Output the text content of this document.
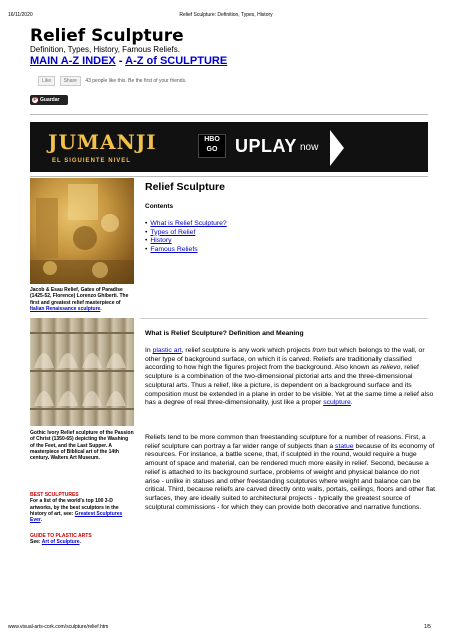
16/11/2020	Relief Sculpture: Definition, Types, History
Relief Sculpture
Definition, Types, History, Famous Reliefs.
MAIN A-Z INDEX - A-Z of SCULPTURE
Like Share 43 people like this. Be the first of your friends.
P Guardar
JUMANJI
EL SIGUIENTE NIVEL
HBO GO UPLAY now
Jacob & Esau Relief, Gates of Paradise (1425-52, Florence) Lorenzo Ghiberti. The first and greatest relief masterpiece of Italian Renaissance sculpture.
Gothic Ivory Relief sculpture of the Passion of Christ (1350-65) depicting the Washing of the Feet, and the Last Supper. A masterpiece of Biblical art of the 14th century. Walters Art Museum.
BEST SCULPTURES
For a list of the world's top 100 3-D artworks, by the best sculptors in the history of art, see: Greatest Sculptures Ever.
GUIDE TO PLASTIC ARTS
See: Art of Sculpture.
Relief Sculpture
Contents
• What is Relief Sculpture?
• Types of Relief
• History
• Famous Reliefs
What is Relief Sculpture? Definition and Meaning
In plastic art, relief sculpture is any work which projects from but which belongs to the wall, or other type of background surface, on which it is carved. Reliefs are traditionally classified according to how high the figures project from the background. Also known as relievo, relief sculpture is a combination of the two-dimensional pictorial arts and the three-dimensional sculptural arts. Thus a relief, like a picture, is dependent on a background surface and its composition must be extended in a plane in order to be visible. Yet at the same time a relief also has a degree of real three-dimensionality, just like a proper sculpture.
Reliefs tend to be more common than freestanding sculpture for a number of reasons. First, a relief sculpture can portray a far wider range of subjects than a statue because of its economy of resources. For instance, a battle scene, that, if sculpted in the round, would require a huge amount of space and material, can be rendered much more easily in relief. Second, because a relief is attached to its background surface, problems of weight and physical balance do not arise - unlike in statues and other freestanding sculptures where weight and balance can be critical. Third, because reliefs are carved directly onto walls, portals, ceilings, floors and other flat surfaces, they are ideally suited to architectural projects - typically the greatest source of sculptural commissions - for which they can provide both decorative and narrative functions.
www.visual-arts-cork.com/sculpture/relief.htm	1/5
